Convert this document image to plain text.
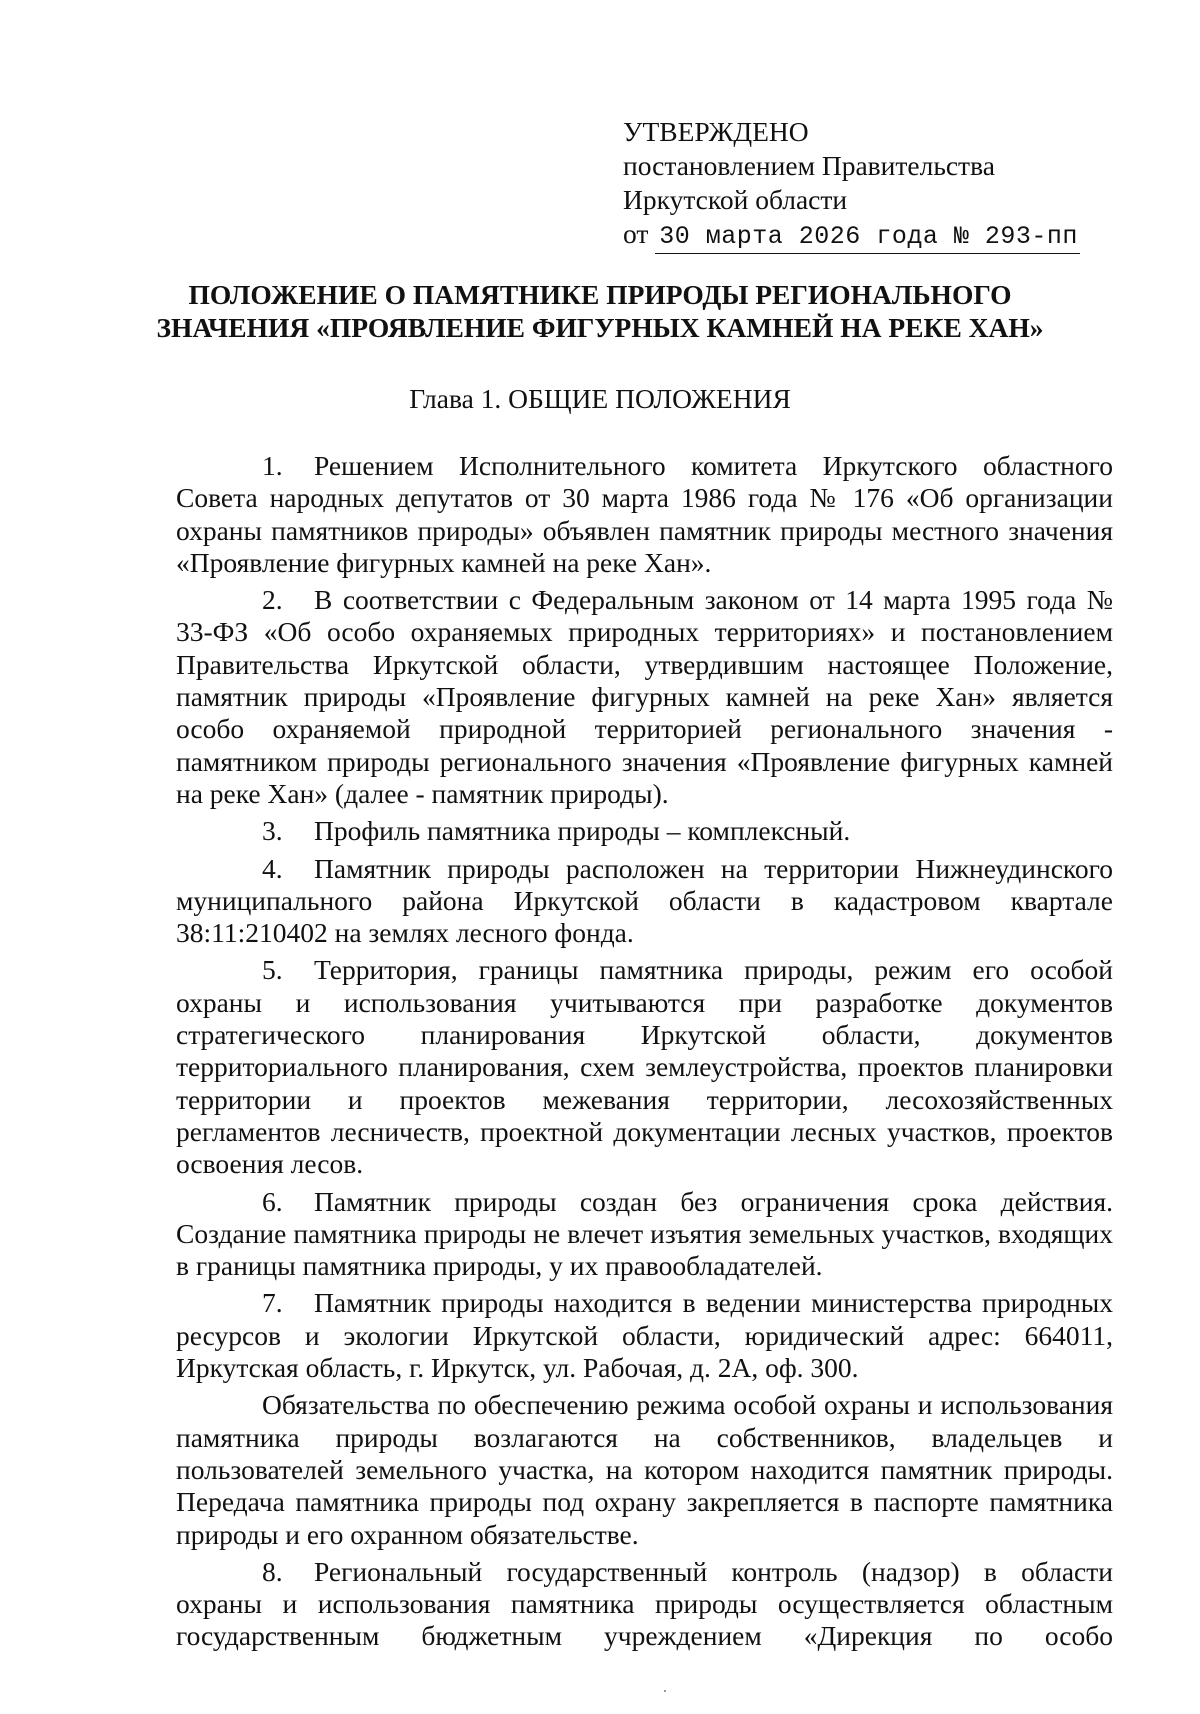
УТВЕРЖДЕНО
постановлением Правительства
Иркутской области
от 30 марта 2026 года № 293-пп
ПОЛОЖЕНИЕ О ПАМЯТНИКЕ ПРИРОДЫ РЕГИОНАЛЬНОГО
ЗНАЧЕНИЯ «ПРОЯВЛЕНИЕ ФИГУРНЫХ КАМНЕЙ НА РЕКЕ ХАН»
Глава 1. ОБЩИЕ ПОЛОЖЕНИЯ

1. Решением Исполнительного комитета Иркутского областного Совета народных депутатов от 30 марта 1986 года № 176 «Об организации охраны памятников природы» объявлен памятник природы местного значения «Проявление фигурных камней на реке Хан».

2. В соответствии с Федеральным законом от 14 марта 1995 года № 33-ФЗ «Об особо охраняемых природных территориях» и постановлением Правительства Иркутской области, утвердившим настоящее Положение, памятник природы «Проявление фигурных камней на реке Хан» является особо охраняемой природной территорией регионального значения - памятником природы регионального значения «Проявление фигурных камней на реке Хан» (далее - памятник природы).

3. Профиль памятника природы – комплексный.

4. Памятник природы расположен на территории Нижнеудинского муниципального района Иркутской области в кадастровом квартале 38:11:210402 на землях лесного фонда.

5. Территория, границы памятника природы, режим его особой охраны и использования учитываются при разработке документов стратегического планирования Иркутской области, документов территориального планирования, схем землеустройства, проектов планировки территории и проектов межевания территории, лесохозяйственных регламентов лесничеств, проектной документации лесных участков, проектов освоения лесов.

6. Памятник природы создан без ограничения срока действия. Создание памятника природы не влечет изъятия земельных участков, входящих в границы памятника природы, у их правообладателей.

7. Памятник природы находится в ведении министерства природных ресурсов и экологии Иркутской области, юридический адрес: 664011, Иркутская область, г. Иркутск, ул. Рабочая, д. 2А, оф. 300.

Обязательства по обеспечению режима особой охраны и использования памятника природы возлагаются на собственников, владельцев и пользователей земельного участка, на котором находится памятник природы. Передача памятника природы под охрану закрепляется в паспорте памятника природы и его охранном обязательстве.

8. Региональный государственный контроль (надзор) в области охраны и использования памятника природы осуществляется областным государственным бюджетным учреждением «Дирекция по особо
